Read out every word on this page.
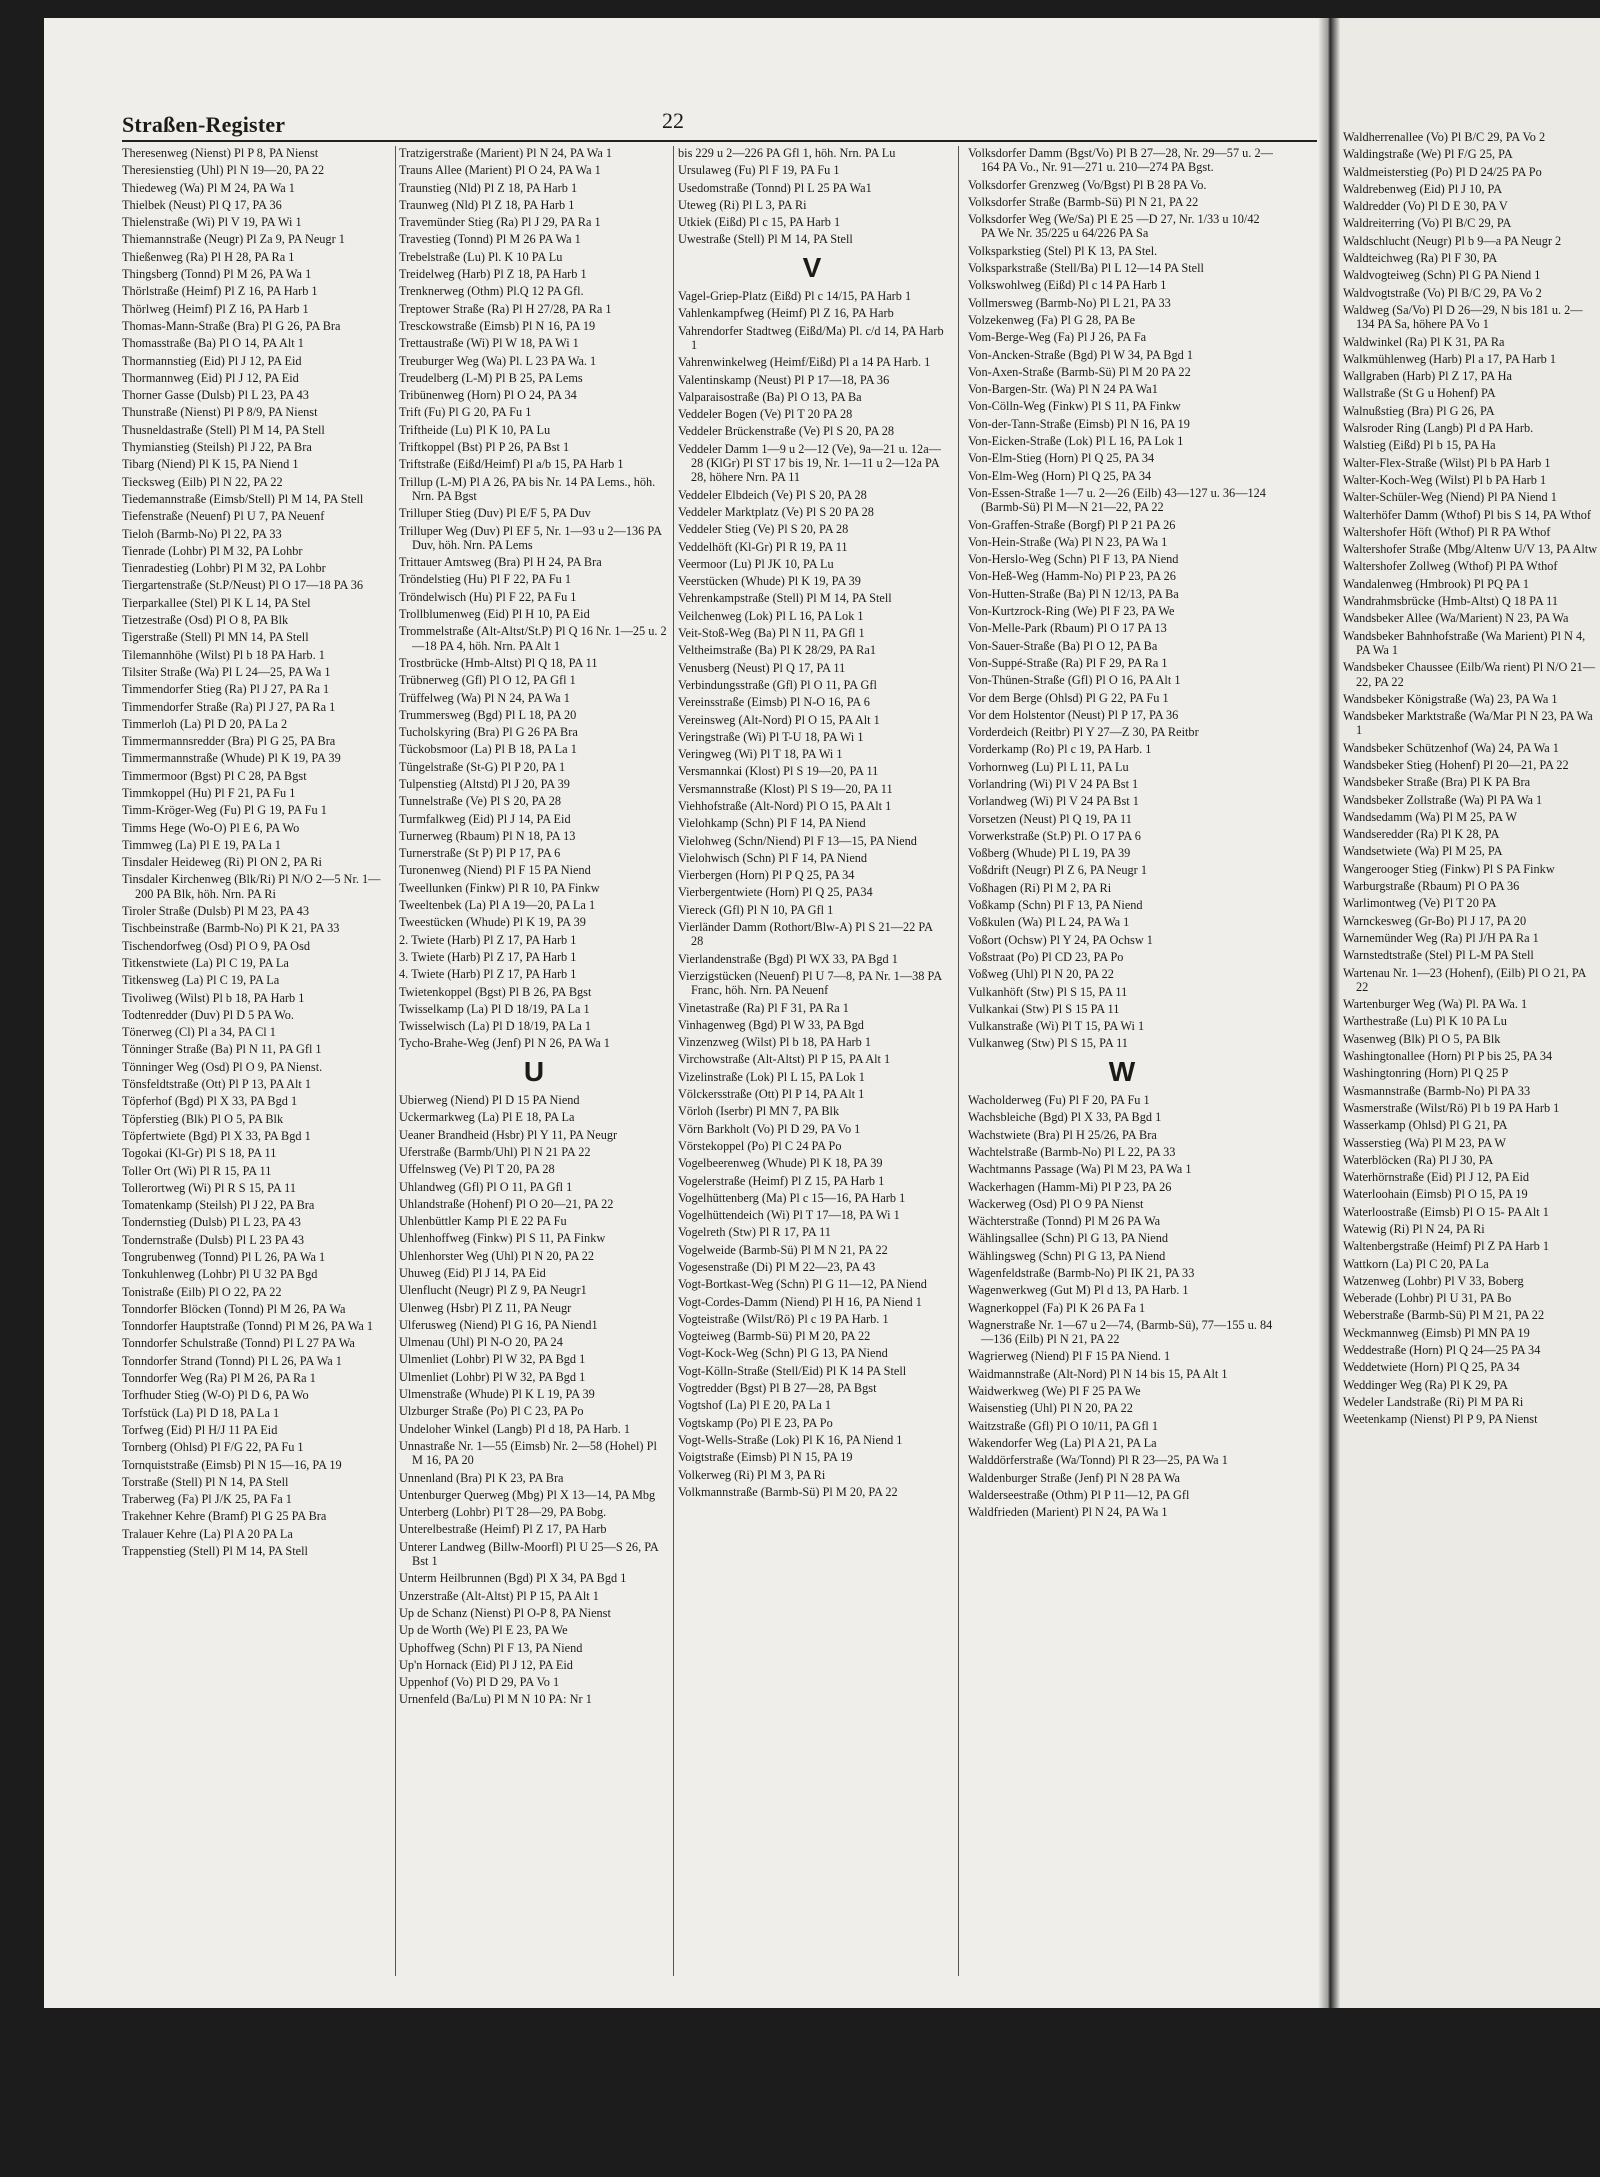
Straßen-Register	22
Theresenweg (Nienst) Pl P 8, PA Nienst
Theresienstieg (Uhl) Pl N 19—20, PA 22
Thiedeweg (Wa) Pl M 24, PA Wa 1
Thielbek (Neust) Pl Q 17, PA 36
Thielenstraße (Wi) Pl V 19, PA Wi 1
Thiemannstraße (Neugr) Pl Za 9, PA Neugr 1
Thießenweg (Ra) Pl H 28, PA Ra 1
Thingsberg (Tonnd) Pl M 26, PA Wa 1
Thörlstraße (Heimf) Pl Z 16, PA Harb 1
Thörlweg (Heimf) Pl Z 16, PA Harb 1
Thomas-Mann-Straße (Bra) Pl G 26, PA Bra
Thomasstraße (Ba) Pl O 14, PA Alt 1
Thormannstieg (Eid) Pl J 12, PA Eid
Thormannweg (Eid) Pl J 12, PA Eid
Thorner Gasse (Dulsb) Pl L 23, PA 43
Thunstraße (Nienst) Pl P 8/9, PA Nienst
Thusneldastraße (Stell) Pl M 14, PA Stell
Thymianstieg (Steilsh) Pl J 22, PA Bra
Tibarg (Niend) Pl K 15, PA Niend 1
Tiecksweg (Eilb) Pl N 22, PA 22
Tiedemannstraße (Eimsb/Stell) Pl M 14, PA Stell
Tiefenstraße (Neuenf) Pl U 7, PA Neuenf
Tieloh (Barmb-No) Pl 22, PA 33
Tienrade (Lohbr) Pl M 32, PA Lohbr
Tienradestieg (Lohbr) Pl M 32, PA Lohbr
Tiergartenstraße (St.P/Neust) Pl O 17—18 PA 36
Tierparkallee (Stel) Pl K L 14, PA Stel
Tietzestraße (Osd) Pl O 8, PA Blk
Tigerstraße (Stell) Pl MN 14, PA Stell
Tilemannhöhe (Wilst) Pl b 18 PA Harb. 1
Tilsiter Straße (Wa) Pl L 24—25, PA Wa 1
Timmendorfer Stieg (Ra) Pl J 27, PA Ra 1
Timmendorfer Straße (Ra) Pl J 27, PA Ra 1
Timmerloh (La) Pl D 20, PA La 2
Timmermannsredder (Bra) Pl G 25, PA Bra
Timmermannstraße (Whude) Pl K 19, PA 39
Timmermoor (Bgst) Pl C 28, PA Bgst
Timmkoppel (Hu) Pl F 21, PA Fu 1
Timm-Kröger-Weg (Fu) Pl G 19, PA Fu 1
Timms Hege (Wo-O) Pl E 6, PA Wo
Timmweg (La) Pl E 19, PA La 1
Tinsdaler Heideweg (Ri) Pl ON 2, PA Ri
Tinsdaler Kirchenweg (Blk/Ri) Pl N/O 2—5 Nr. 1—200 PA Blk, höh. Nrn. PA Ri
Tiroler Straße (Dulsb) Pl M 23, PA 43
Tischbeinstraße (Barmb-No) Pl K 21, PA 33
Tischendorfweg (Osd) Pl O 9, PA Osd
Titkenstwiete (La) Pl C 19, PA La
Titkensweg (La) Pl C 19, PA La
Tivoliweg (Wilst) Pl b 18, PA Harb 1
Todtenredder (Duv) Pl D 5 PA Wo.
Tönerweg (Cl) Pl a 34, PA Cl 1
Tönninger Straße (Ba) Pl N 11, PA Gfl 1
Tönninger Weg (Osd) Pl O 9, PA Nienst.
Tönsfeldtstraße (Ott) Pl P 13, PA Alt 1
Töpferhof (Bgd) Pl X 33, PA Bgd 1
Töpferstieg (Blk) Pl O 5, PA Blk
Töpfertwiete (Bgd) Pl X 33, PA Bgd 1
Togokai (Kl-Gr) Pl S 18, PA 11
Toller Ort (Wi) Pl R 15, PA 11
Tollerortweg (Wi) Pl R S 15, PA 11
Tomatenkamp (Steilsh) Pl J 22, PA Bra
Tondernstieg (Dulsb) Pl L 23, PA 43
Tondernstraße (Dulsb) Pl L 23 PA 43
Tongrubenweg (Tonnd) Pl L 26, PA Wa 1
Tonkuhlenweg (Lohbr) Pl U 32 PA Bgd
Tonistraße (Eilb) Pl O 22, PA 22
Tonndorfer Blöcken (Tonnd) Pl M 26, PA Wa
Tonndorfer Hauptstraße (Tonnd) Pl M 26, PA Wa 1
Tonndorfer Schulstraße (Tonnd) Pl L 27 PA Wa
Tonndorfer Strand (Tonnd) Pl L 26, PA Wa 1
Tonndorfer Weg (Ra) Pl M 26, PA Ra 1
Torfhuder Stieg (W-O) Pl D 6, PA Wo
Torfstück (La) Pl D 18, PA La 1
Torfweg (Eid) Pl H/J 11 PA Eid
Tornberg (Ohlsd) Pl F/G 22, PA Fu 1
Tornquiststraße (Eimsb) Pl N 15—16, PA 19
Torstraße (Stell) Pl N 14, PA Stell
Traberweg (Fa) Pl J/K 25, PA Fa 1
Trakehner Kehre (Bramf) Pl G 25 PA Bra
Tralauer Kehre (La) Pl A 20 PA La
Trappenstieg (Stell) Pl M 14, PA Stell
Tratzigerstraße (Marient) Pl N 24, PA Wa 1
Trauns Allee (Marient) Pl O 24, PA Wa 1
Traunstieg (Nld) Pl Z 18, PA Harb 1
Traunweg (Nld) Pl Z 18, PA Harb 1
Travemünder Stieg (Ra) Pl J 29, PA Ra 1
Travestieg (Tonnd) Pl M 26 PA Wa 1
Trebelstraße (Lu) Pl. K 10 PA Lu
Treidelweg (Harb) Pl Z 18, PA Harb 1
Trenknerweg (Othm) Pl.Q 12 PA Gfl.
Treptower Straße (Ra) Pl H 27/28, PA Ra 1
Tresckowstraße (Eimsb) Pl N 16, PA 19
Trettaustraße (Wi) Pl W 18, PA Wi 1
Treuburger Weg (Wa) Pl. L 23 PA Wa. 1
Treudelberg (L-M) Pl B 25, PA Lems
Tribünenweg (Horn) Pl O 24, PA 34
Trift (Fu) Pl G 20, PA Fu 1
Triftheide (Lu) Pl K 10, PA Lu
Triftkoppel (Bst) Pl P 26, PA Bst 1
Triftstraße (Eißd/Heimf) Pl a/b 15, PA Harb 1
Trillup (L-M) Pl A 26, PA bis Nr. 14 PA Lems., höh. Nrn. PA Bgst
Trilluper Stieg (Duv) Pl E/F 5, PA Duv
Trilluper Weg (Duv) Pl EF 5, Nr. 1—93 u 2—136 PA Duv, höh. Nrn. PA Lems
Trittauer Amtsweg (Bra) Pl H 24, PA Bra
Tröndelstieg (Hu) Pl F 22, PA Fu 1
Tröndelwisch (Hu) Pl F 22, PA Fu 1
Trollblumenweg (Eid) Pl H 10, PA Eid
Trommelstraße (Alt-Altst/St.P) Pl Q 16 Nr. 1—25 u. 2—18 PA 4, höh. Nrn. PA Alt 1
Trostbrücke (Hmb-Altst) Pl Q 18, PA 11
Trübnerweg (Gfl) Pl O 12, PA Gfl 1
Trüffelweg (Wa) Pl N 24, PA Wa 1
Trummersweg (Bgd) Pl L 18, PA 20
Tucholskyring (Bra) Pl G 26 PA Bra
Tückobsmoor (La) Pl B 18, PA La 1
Tüngelstraße (St-G) Pl P 20, PA 1
Tulpenstieg (Altstd) Pl J 20, PA 39
Tunnelstraße (Ve) Pl S 20, PA 28
Turmfalkweg (Eid) Pl J 14, PA Eid
Turnerweg (Rbaum) Pl N 18, PA 13
Turnerstraße (St P) Pl P 17, PA 6
Turonenweg (Niend) Pl F 15 PA Niend
Tweellunken (Finkw) Pl R 10, PA Finkw
Tweeltenbek (La) Pl A 19—20, PA La 1
Tweestücken (Whude) Pl K 19, PA 39
2. Twiete (Harb) Pl Z 17, PA Harb 1
3. Twiete (Harb) Pl Z 17, PA Harb 1
4. Twiete (Harb) Pl Z 17, PA Harb 1
Twietenkoppel (Bgst) Pl B 26, PA Bgst
Twisselkamp (La) Pl D 18/19, PA La 1
Twisselwisch (La) Pl D 18/19, PA La 1
Tycho-Brahe-Weg (Jenf) Pl N 26, PA Wa 1
U
Ubierweg (Niend) Pl D 15 PA Niend
Uckermarkweg (La) Pl E 18, PA La
Ueaner Brandheid (Hsbr) Pl Y 11, PA Neugr
Uferstraße (Barmb/Uhl) Pl N 21 PA 22
Uffelnsweg (Ve) Pl T 20, PA 28
Uhlandweg (Gfl) Pl O 11, PA Gfl 1
Uhlandstraße (Hohenf) Pl O 20—21, PA 22
Uhlenbüttler Kamp Pl E 22 PA Fu
Uhlenhoffweg (Finkw) Pl S 11, PA Finkw
Uhlenhorster Weg (Uhl) Pl N 20, PA 22
Uhuweg (Eid) Pl J 14, PA Eid
Ulenflucht (Neugr) Pl Z 9, PA Neugr1
Ulenweg (Hsbr) Pl Z 11, PA Neugr
Ulferusweg (Niend) Pl G 16, PA Niend1
Ulmenau (Uhl) Pl N-O 20, PA 24
Ulmenliet (Lohbr) Pl W 32, PA Bgd 1
Ulmenliet (Lohbr) Pl W 32, PA Bgd 1
Ulmenstraße (Whude) Pl K L 19, PA 39
Ulzburger Straße (Po) Pl C 23, PA Po
Undeloher Winkel (Langb) Pl d 18, PA Harb. 1
Unnastraße Nr. 1—55 (Eimsb) Nr. 2—58 (Hohel) Pl M 16, PA 20
Unnenland (Bra) Pl K 23, PA Bra
Untenburger Querweg (Mbg) Pl X 13—14, PA Mbg
Unterberg (Lohbr) Pl T 28—29, PA Bobg.
Unterelbestraße (Heimf) Pl Z 17, PA Harb
Unterer Landweg (Billw-Moorfl) Pl U 25—S 26, PA Bst 1
Unterm Heilbrunnen (Bgd) Pl X 34, PA Bgd 1
Unzerstraße (Alt-Altst) Pl P 15, PA Alt 1
Up de Schanz (Nienst) Pl O-P 8, PA Nienst
Up de Worth (We) Pl E 23, PA We
Uphoffweg (Schn) Pl F 13, PA Niend
Up'n Hornack (Eid) Pl J 12, PA Eid
Uppenhof (Vo) Pl D 29, PA Vo 1
Urnenfeld (Ba/Lu) Pl M N 10 PA: Nr 1
bis 229 u 2—226 PA Gfl 1, höh. Nrn. PA Lu
Ursulaweg (Fu) Pl F 19, PA Fu 1
Usedomstraße (Tonnd) Pl L 25 PA Wa1
Uteweg (Ri) Pl L 3, PA Ri
Utkiek (Eißd) Pl c 15, PA Harb 1
Uwestraße (Stell) Pl M 14, PA Stell
V
Vagel-Griep-Platz (Eißd) Pl c 14/15, PA Harb 1
Vahlenkampfweg (Heimf) Pl Z 16, PA Harb
Vahrendorfer Stadtweg (Eißd/Ma) Pl. c/d 14, PA Harb 1
Vahrenwinkelweg (Heimf/Eißd) Pl a 14 PA Harb. 1
Valentinskamp (Neust) Pl P 17—18, PA 36
Valparaisostraße (Ba) Pl O 13, PA Ba
Veddeler Bogen (Ve) Pl T 20 PA 28
Veddeler Brückenstraße (Ve) Pl S 20, PA 28
Veddeler Damm 1—9 u 2—12 (Ve), 9a—21 u. 12a—28 (KlGr) Pl ST 17 bis 19, Nr. 1—11 u 2—12a PA 28, höhere Nrn. PA 11
Veddeler Elbdeich (Ve) Pl S 20, PA 28
Veddeler Marktplatz (Ve) Pl S 20 PA 28
Veddeler Stieg (Ve) Pl S 20, PA 28
Veddelhöft (Kl-Gr) Pl R 19, PA 11
Veermoor (Lu) Pl JK 10, PA Lu
Veerstücken (Whude) Pl K 19, PA 39
Vehrenkampstraße (Stell) Pl M 14, PA Stell
Veilchenweg (Lok) Pl L 16, PA Lok 1
Veit-Stoß-Weg (Ba) Pl N 11, PA Gfl 1
Veltheimstraße (Ba) Pl K 28/29, PA Ra1
Venusberg (Neust) Pl Q 17, PA 11
Verbindungsstraße (Gfl) Pl O 11, PA Gfl
Vereinsstraße (Eimsb) Pl N-O 16, PA 6
Vereinsweg (Alt-Nord) Pl O 15, PA Alt 1
Veringstraße (Wi) Pl T-U 18, PA Wi 1
Veringweg (Wi) Pl T 18, PA Wi 1
Versmannkai (Klost) Pl S 19—20, PA 11
Versmannstraße (Klost) Pl S 19—20, PA 11
Viehhofstraße (Alt-Nord) Pl O 15, PA Alt 1
Vielohkamp (Schn) Pl F 14, PA Niend
Vielohweg (Schn/Niend) Pl F 13—15, PA Niend
Vielohwisch (Schn) Pl F 14, PA Niend
Vierbergen (Horn) Pl P Q 25, PA 34
Vierbergentwiete (Horn) Pl Q 25, PA34
Viereck (Gfl) Pl N 10, PA Gfl 1
Vierländer Damm (Rothort/Blw-A) Pl S 21—22 PA 28
Vierlandenstraße (Bgd) Pl WX 33, PA Bgd 1
Vierzigstücken (Neuenf) Pl U 7—8, PA Nr. 1—38 PA Franc, höh. Nrn. PA Neuenf
Vinetastraße (Ra) Pl F 31, PA Ra 1
Vinhagenweg (Bgd) Pl W 33, PA Bgd
Vinzenzweg (Wilst) Pl b 18, PA Harb 1
Virchowstraße (Alt-Altst) Pl P 15, PA Alt 1
Vizelinstraße (Lok) Pl L 15, PA Lok 1
Völckersstraße (Ott) Pl P 14, PA Alt 1
Vörloh (Iserbr) Pl MN 7, PA Blk
Vörn Barkholt (Vo) Pl D 29, PA Vo 1
Vörstekoppel (Po) Pl C 24 PA Po
Vogelbeerenweg (Whude) Pl K 18, PA 39
Vogelerstraße (Heimf) Pl Z 15, PA Harb 1
Vogelhüttenberg (Ma) Pl c 15—16, PA Harb 1
Vogelhüttendeich (Wi) Pl T 17—18, PA Wi 1
Vogelreth (Stw) Pl R 17, PA 11
Vogelweide (Barmb-Sü) Pl M N 21, PA 22
Vogesenstraße (Di) Pl M 22—23, PA 43
Vogt-Bortkast-Weg (Schn) Pl G 11—12, PA Niend
Vogt-Cordes-Damm (Niend) Pl H 16, PA Niend 1
Vogteistraße (Wilst/Rö) Pl c 19 PA Harb. 1
Vogteiweg (Barmb-Sü) Pl M 20, PA 22
Vogt-Kock-Weg (Schn) Pl G 13, PA Niend
Vogt-Kölln-Straße (Stell/Eid) Pl K 14 PA Stell
Vogtredder (Bgst) Pl B 27—28, PA Bgst
Vogtshof (La) Pl E 20, PA La 1
Vogtskamp (Po) Pl E 23, PA Po
Vogt-Wells-Straße (Lok) Pl K 16, PA Niend 1
Voigtstraße (Eimsb) Pl N 15, PA 19
Volkerweg (Ri) Pl M 3, PA Ri
Volkmannstraße (Barmb-Sü) Pl M 20, PA 22
Volksdorfer Damm (Bgst/Vo) Pl B 27—28, Nr. 29—57 u. 2—164 PA Vo., Nr. 91—271 u. 210—274 PA Bgst.
Volksdorfer Grenzweg (Vo/Bgst) Pl B 28 PA Vo.
Volksdorfer Straße (Barmb-Sü) Pl N 21, PA 22
Volksdorfer Weg (We/Sa) Pl E 25 —D 27, Nr. 1/33 u 10/42 PA We Nr. 35/225 u 64/226 PA Sa
Volksparkstieg (Stel) Pl K 13, PA Stel.
Volksparkstraße (Stell/Ba) Pl L 12—14 PA Stell
Volkswohlweg (Eißd) Pl c 14 PA Harb 1
Vollmersweg (Barmb-No) Pl L 21, PA 33
Volzekenweg (Fa) Pl G 28, PA Be
Vom-Berge-Weg (Fa) Pl J 26, PA Fa
Von-Ancken-Straße (Bgd) Pl W 34, PA Bgd 1
Von-Axen-Straße (Barmb-Sü) Pl M 20 PA 22
Von-Bargen-Str. (Wa) Pl N 24 PA Wa1
Von-Cölln-Weg (Finkw) Pl S 11, PA Finkw
Von-der-Tann-Straße (Eimsb) Pl N 16, PA 19
Von-Eicken-Straße (Lok) Pl L 16, PA Lok 1
Von-Elm-Stieg (Horn) Pl Q 25, PA 34
Von-Elm-Weg (Horn) Pl Q 25, PA 34
Von-Essen-Straße 1—7 u. 2—26 (Eilb) 43—127 u. 36—124 (Barmb-Sü) Pl M—N 21—22, PA 22
Von-Graffen-Straße (Borgf) Pl P 21 PA 26
Von-Hein-Straße (Wa) Pl N 23, PA Wa 1
Von-Herslo-Weg (Schn) Pl F 13, PA Niend
Von-Heß-Weg (Hamm-No) Pl P 23, PA 26
Von-Hutten-Straße (Ba) Pl N 12/13, PA Ba
Von-Kurtzrock-Ring (We) Pl F 23, PA We
Von-Melle-Park (Rbaum) Pl O 17 PA 13
Von-Sauer-Straße (Ba) Pl O 12, PA Ba
Von-Suppé-Straße (Ra) Pl F 29, PA Ra 1
Von-Thünen-Straße (Gfl) Pl O 16, PA Alt 1
Vor dem Berge (Ohlsd) Pl G 22, PA Fu 1
Vor dem Holstentor (Neust) Pl P 17, PA 36
Vorderdeich (Reitbr) Pl Y 27—Z 30, PA Reitbr
Vorderkamp (Ro) Pl c 19, PA Harb. 1
Vorhornweg (Lu) Pl L 11, PA Lu
Vorlandring (Wi) Pl V 24 PA Bst 1
Vorlandweg (Wi) Pl V 24 PA Bst 1
Vorsetzen (Neust) Pl Q 19, PA 11
Vorwerkstraße (St.P) Pl. O 17 PA 6
Voßberg (Whude) Pl L 19, PA 39
Voßdrift (Neugr) Pl Z 6, PA Neugr 1
Voßhagen (Ri) Pl M 2, PA Ri
Voßkamp (Schn) Pl F 13, PA Niend
Voßkulen (Wa) Pl L 24, PA Wa 1
Voßort (Ochsw) Pl Y 24, PA Ochsw 1
Voßstraat (Po) Pl CD 23, PA Po
Voßweg (Uhl) Pl N 20, PA 22
Vulkanhöft (Stw) Pl S 15, PA 11
Vulkankai (Stw) Pl S 15 PA 11
Vulkanstraße (Wi) Pl T 15, PA Wi 1
Vulkanweg (Stw) Pl S 15, PA 11
W
Wacholderweg (Fu) Pl F 20, PA Fu 1
Wachsbleiche (Bgd) Pl X 33, PA Bgd 1
Wachstwiete (Bra) Pl H 25/26, PA Bra
Wachtelstraße (Barmb-No) Pl L 22, PA 33
Wachtmanns Passage (Wa) Pl M 23, PA Wa 1
Wackerhagen (Hamm-Mi) Pl P 23, PA 26
Wackerweg (Osd) Pl O 9 PA Nienst
Wächterstraße (Tonnd) Pl M 26 PA Wa
Wählingsallee (Schn) Pl G 13, PA Niend
Wählingsweg (Schn) Pl G 13, PA Niend
Wagenfeldstraße (Barmb-No) Pl IK 21, PA 33
Wagenwerkweg (Gut M) Pl d 13, PA Harb. 1
Wagnerkoppel (Fa) Pl K 26 PA Fa 1
Wagnerstraße Nr. 1—67 u 2—74, (Barmb-Sü), 77—155 u. 84—136 (Eilb) Pl N 21, PA 22
Wagrierweg (Niend) Pl F 15 PA Niend. 1
Waidmannstraße (Alt-Nord) Pl N 14 bis 15, PA Alt 1
Waidwerkweg (We) Pl F 25 PA We
Waisenstieg (Uhl) Pl N 20, PA 22
Waitzstraße (Gfl) Pl O 10/11, PA Gfl 1
Wakendorfer Weg (La) Pl A 21, PA La
Walddörferstraße (Wa/Tonnd) Pl R 23—25, PA Wa 1
Waldenburger Straße (Jenf) Pl N 28 PA Wa
Walderseestraße (Othm) Pl P 11—12, PA Gfl
Waldfrieden (Marient) Pl N 24, PA Wa 1
Waldherrenallee (Vo) Pl B/C 29, PA Vo 2
Waldingstraße (We) Pl F/G 25, PA
Waldmeisterstieg (Po) Pl D 24/25 PA Po
Waldrebenweg (Eid) Pl J 10, PA
Waldredder (Vo) Pl D E 30, PA V
Waldreiterring (Vo) Pl B/C 29, PA
Waldschlucht (Neugr) Pl b 9—a PA Neugr 2
Waldteichweg (Ra) Pl F 30, PA
Waldvogteiweg (Schn) Pl G PA Niend 1
Waldvogtstraße (Vo) Pl B/C 29, PA Vo 2
Waldweg (Sa/Vo) Pl D 26—29, N bis 181 u. 2—134 PA Sa, höhere PA Vo 1
Waldwinkel (Ra) Pl K 31, PA Ra
Walkmühlenweg (Harb) Pl a 17, PA Harb 1
Wallgraben (Harb) Pl Z 17, PA Ha
Wallstraße (St G u Hohenf) PA
Walnußstieg (Bra) Pl G 26, PA
Walsroder Ring (Langb) Pl d PA Harb.
Walstieg (Eißd) Pl b 15, PA Ha
Walter-Flex-Straße (Wilst) Pl b PA Harb 1
Walter-Koch-Weg (Wilst) Pl b PA Harb 1
Walter-Schüler-Weg (Niend) Pl PA Niend 1
Walterhöfer Damm (Wthof) Pl bis S 14, PA Wthof
Waltershofer Höft (Wthof) Pl R PA Wthof
Waltershofer Straße (Mbg/Altenw U/V 13, PA Altw
Waltershofer Zollweg (Wthof) Pl PA Wthof
Wandalenweg (Hmbrook) Pl PQ PA 1
Wandrahmsbrücke (Hmb-Altst) Q 18 PA 11
Wandsbeker Allee (Wa/Marient) N 23, PA Wa
Wandsbeker Bahnhofstraße (Wa Marient) Pl N 4, PA Wa 1
Wandsbeker Chaussee (Eilb/Wa rient) Pl N/O 21—22, PA 22
Wandsbeker Königstraße (Wa) 23, PA Wa 1
Wandsbeker Marktstraße (Wa/Mar Pl N 23, PA Wa 1
Wandsbeker Schützenhof (Wa) 24, PA Wa 1
Wandsbeker Stieg (Hohenf) Pl 20—21, PA 22
Wandsbeker Straße (Bra) Pl K PA Bra
Wandsbeker Zollstraße (Wa) Pl PA Wa 1
Wandsedamm (Wa) Pl M 25, PA W
Wandseredder (Ra) Pl K 28, PA
Wandsetwiete (Wa) Pl M 25, PA
Wangerooger Stieg (Finkw) Pl S PA Finkw
Warburgstraße (Rbaum) Pl O PA 36
Warlimontweg (Ve) Pl T 20 PA
Warnckesweg (Gr-Bo) Pl J 17, PA 20
Warnemünder Weg (Ra) Pl J/H PA Ra 1
Warnstedtstraße (Stel) Pl L-M PA Stell
Wartenau Nr. 1—23 (Hohenf), (Eilb) Pl O 21, PA 22
Wartenburger Weg (Wa) Pl. PA Wa. 1
Warthestraße (Lu) Pl K 10 PA Lu
Wasenweg (Blk) Pl O 5, PA Blk
Washingtonallee (Horn) Pl P bis 25, PA 34
Washingtonring (Horn) Pl Q 25 P
Wasmannstraße (Barmb-No) Pl PA 33
Wasmerstraße (Wilst/Rö) Pl b 19 PA Harb 1
Wasserkamp (Ohlsd) Pl G 21, PA
Wasserstieg (Wa) Pl M 23, PA W
Waterblöcken (Ra) Pl J 30, PA
Waterhörnstraße (Eid) Pl J 12, PA Eid
Waterloohain (Eimsb) Pl O 15, PA 19
Waterloostraße (Eimsb) Pl O 15- PA Alt 1
Watewig (Ri) Pl N 24, PA Ri
Waltenbergstraße (Heimf) Pl Z PA Harb 1
Wattkorn (La) Pl C 20, PA La
Watzenweg (Lohbr) Pl V 33, Boberg
Weberade (Lohbr) Pl U 31, PA Bo
Weberstraße (Barmb-Sü) Pl M 21, PA 22
Weckmannweg (Eimsb) Pl MN PA 19
Weddestraße (Horn) Pl Q 24—25 PA 34
Weddetwiete (Horn) Pl Q 25, PA 34
Weddinger Weg (Ra) Pl K 29, PA
Wedeler Landstraße (Ri) Pl M PA Ri
Weetenkamp (Nienst) Pl P 9, PA Nienst
